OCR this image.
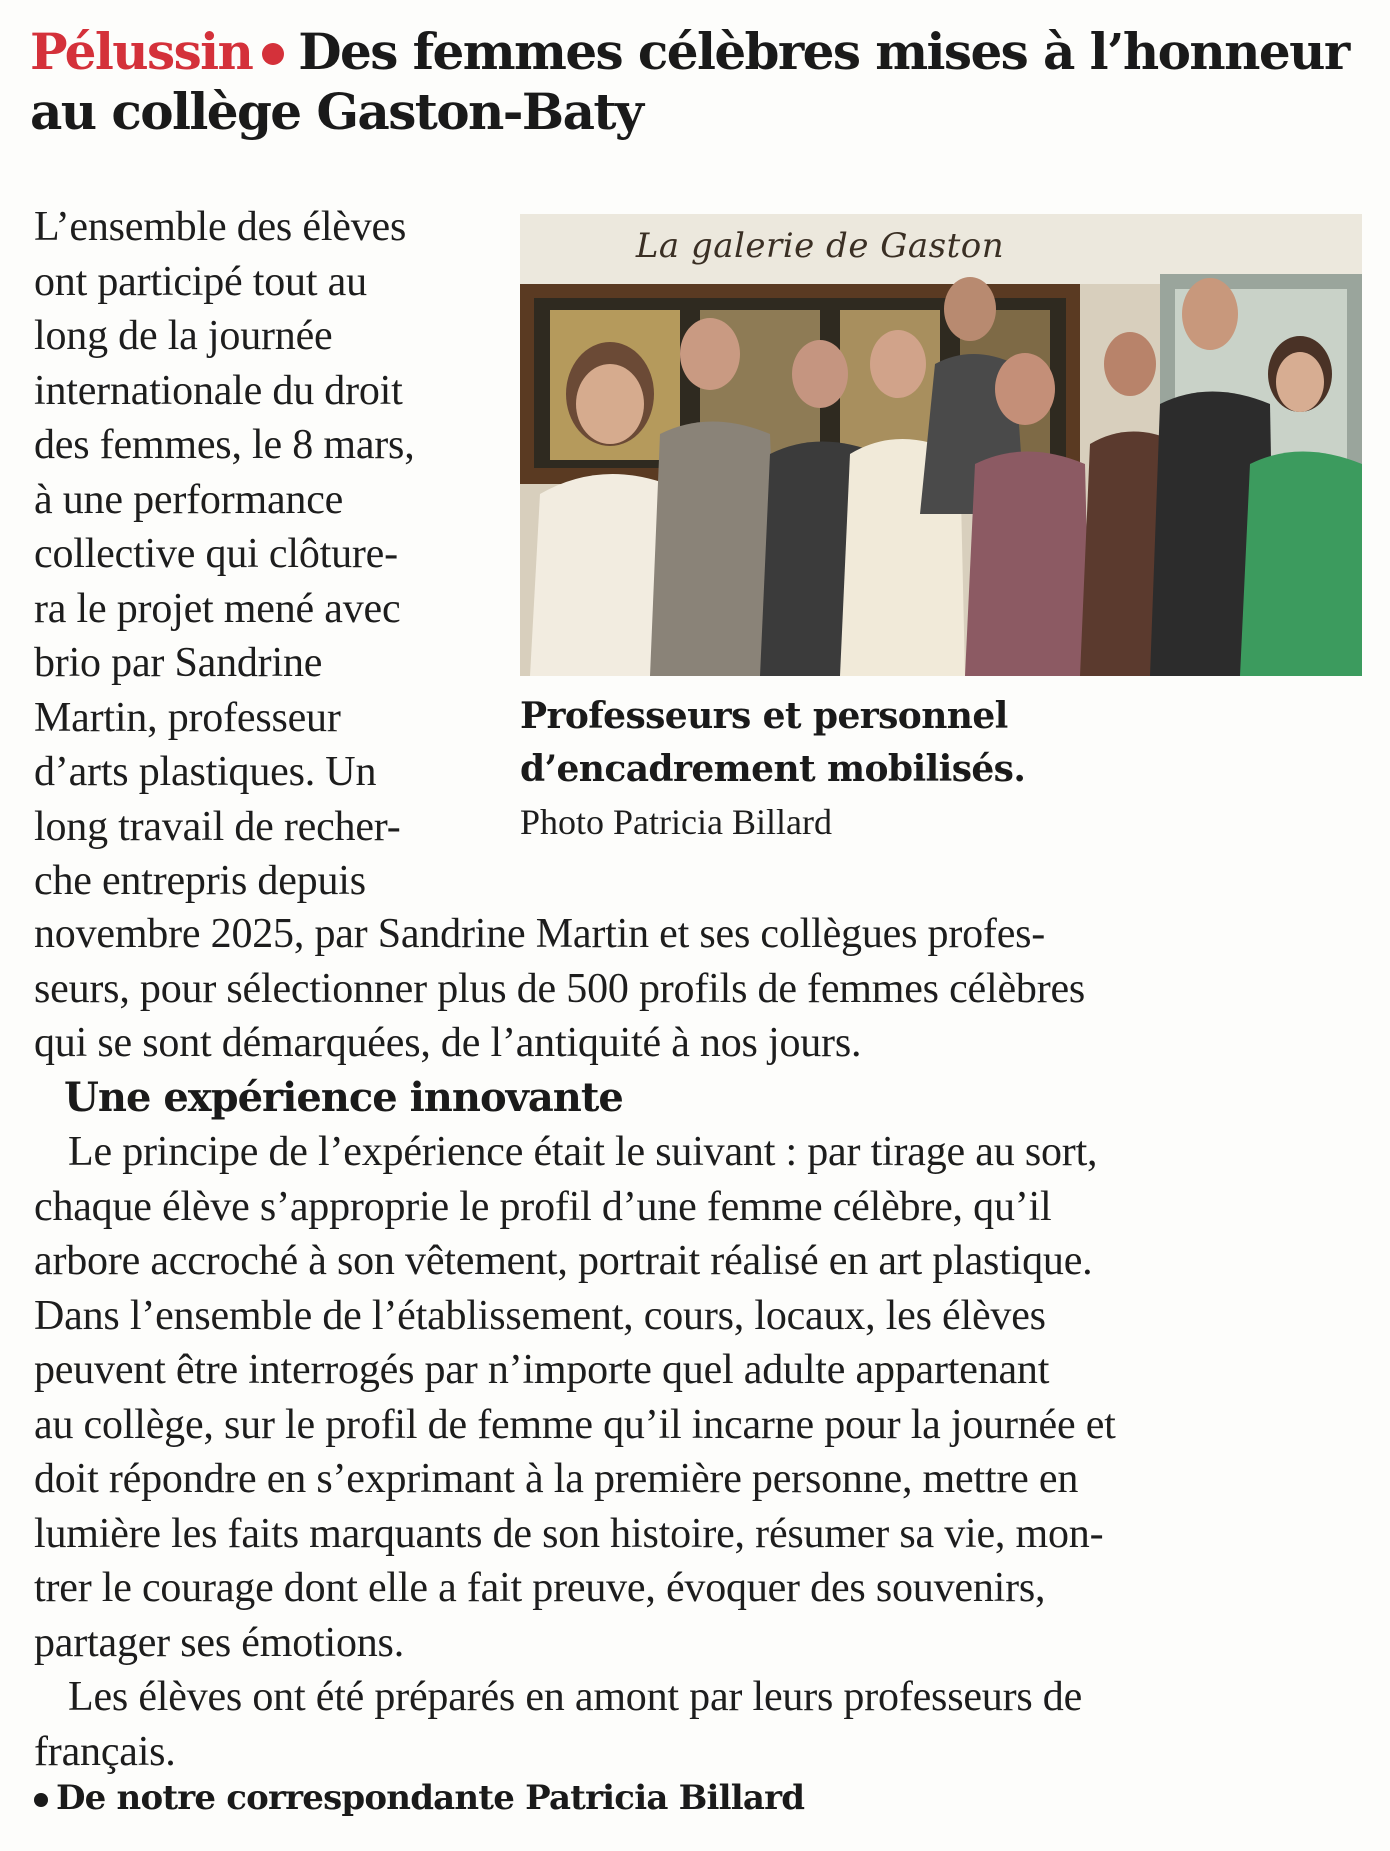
Pélussin Des femmes célèbres mises à l’honneur
au collège Gaston-Baty
L’ensemble des élèves
ont participé tout au
long de la journée
internationale du droit
des femmes, le 8 mars,
à une performance
collective qui clôture-
ra le projet mené avec
brio par Sandrine
Martin, professeur
d’arts plastiques. Un
long travail de recher-
che entrepris depuis
La galerie de Gaston
Professeurs et personnel
d’encadrement mobilisés.
Photo Patricia Billard
novembre 2025, par Sandrine Martin et ses collègues profes-
seurs, pour sélectionner plus de 500 profils de femmes célèbres
qui se sont démarquées, de l’antiquité à nos jours.
Une expérience innovante
Le principe de l’expérience était le suivant : par tirage au sort,
chaque élève s’approprie le profil d’une femme célèbre, qu’il
arbore accroché à son vêtement, portrait réalisé en art plastique.
Dans l’ensemble de l’établissement, cours, locaux, les élèves
peuvent être interrogés par n’importe quel adulte appartenant
au collège, sur le profil de femme qu’il incarne pour la journée et
doit répondre en s’exprimant à la première personne, mettre en
lumière les faits marquants de son histoire, résumer sa vie, mon-
trer le courage dont elle a fait preuve, évoquer des souvenirs,
partager ses émotions.
Les élèves ont été préparés en amont par leurs professeurs de
français.
De notre correspondante Patricia Billard
